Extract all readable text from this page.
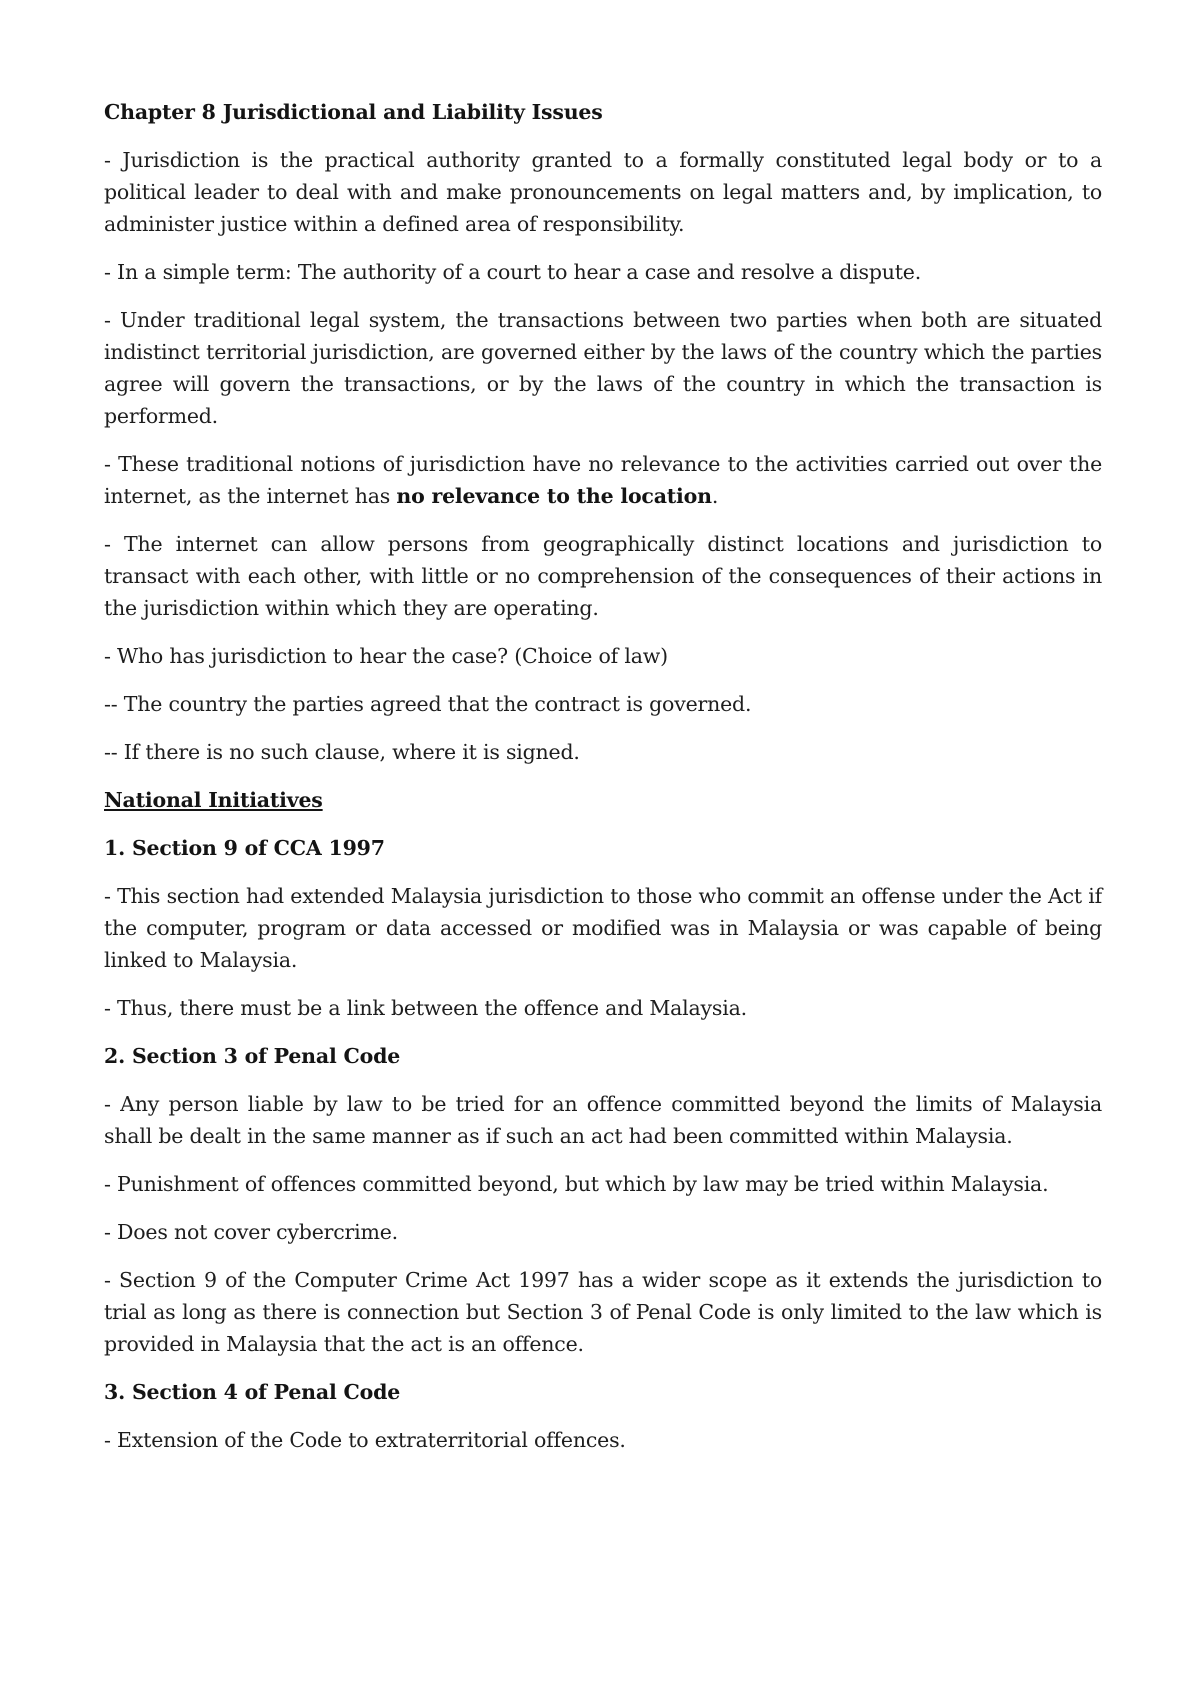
Chapter 8 Jurisdictional and Liability Issues

- Jurisdiction is the practical authority granted to a formally constituted legal body or to a political leader to deal with and make pronouncements on legal matters and, by implication, to administer justice within a defined area of responsibility.

- In a simple term: The authority of a court to hear a case and resolve a dispute.

- Under traditional legal system, the transactions between two parties when both are situated indistinct territorial jurisdiction, are governed either by the laws of the country which the parties agree will govern the transactions, or by the laws of the country in which the transaction is performed.

- These traditional notions of jurisdiction have no relevance to the activities carried out over the internet, as the internet has no relevance to the location.

- The internet can allow persons from geographically distinct locations and jurisdiction to transact with each other, with little or no comprehension of the consequences of their actions in the jurisdiction within which they are operating.

- Who has jurisdiction to hear the case? (Choice of law)

-- The country the parties agreed that the contract is governed.

-- If there is no such clause, where it is signed.

National Initiatives

1. Section 9 of CCA 1997

- This section had extended Malaysia jurisdiction to those who commit an offense under the Act if the computer, program or data accessed or modified was in Malaysia or was capable of being linked to Malaysia.

- Thus, there must be a link between the offence and Malaysia.

2. Section 3 of Penal Code

- Any person liable by law to be tried for an offence committed beyond the limits of Malaysia shall be dealt in the same manner as if such an act had been committed within Malaysia.

- Punishment of offences committed beyond, but which by law may be tried within Malaysia.

- Does not cover cybercrime.

- Section 9 of the Computer Crime Act 1997 has a wider scope as it extends the jurisdiction to trial as long as there is connection but Section 3 of Penal Code is only limited to the law which is provided in Malaysia that the act is an offence.

3. Section 4 of Penal Code

- Extension of the Code to extraterritorial offences.
